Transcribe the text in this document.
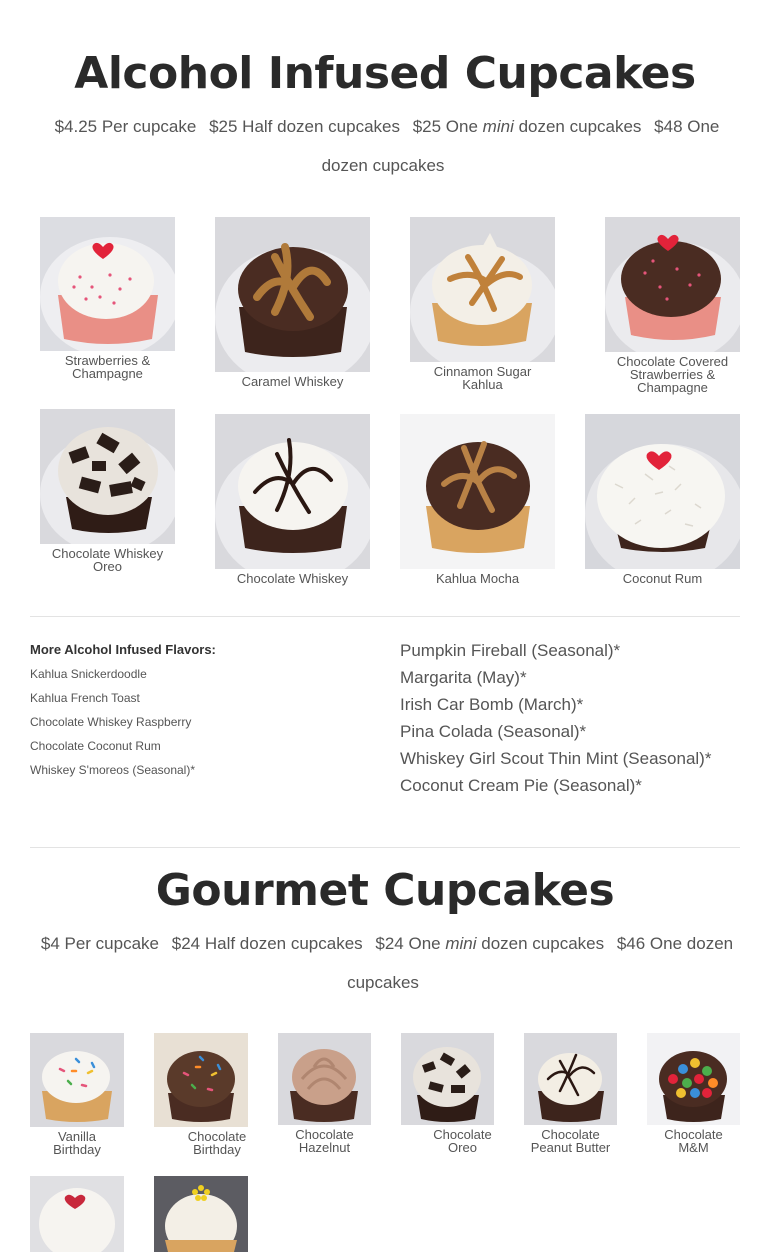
Alcohol Infused Cupcakes
$4.25 Per cupcake $25 Half dozen cupcakes $25 One mini dozen cupcakes $48 One dozen cupcakes
Strawberries &
Champagne
Caramel Whiskey
Cinnamon Sugar
Kahlua
Chocolate Covered
Strawberries &
Champagne
Chocolate Whiskey
Oreo
Chocolate Whiskey	Kahlua Mocha	Coconut Rum
More Alcohol Infused Flavors:
Kahlua Snickerdoodle
Kahlua French Toast
Chocolate Whiskey Raspberry
Chocolate Coconut Rum
Whiskey S'moreos (Seasonal)*
Pumpkin Fireball (Seasonal)*
Margarita (May)*
Irish Car Bomb (March)*
Pina Colada (Seasonal)*
Whiskey Girl Scout Thin Mint (Seasonal)*
Coconut Cream Pie (Seasonal)*
Gourmet Cupcakes
$4 Per cupcake $24 Half dozen cupcakes $24 One mini dozen cupcakes $46 One dozen cupcakes
Vanilla
Birthday
Chocolate
Birthday
Chocolate
Hazelnut
Chocolate
Oreo
Chocolate
Peanut Butter
Chocolate
M&M
